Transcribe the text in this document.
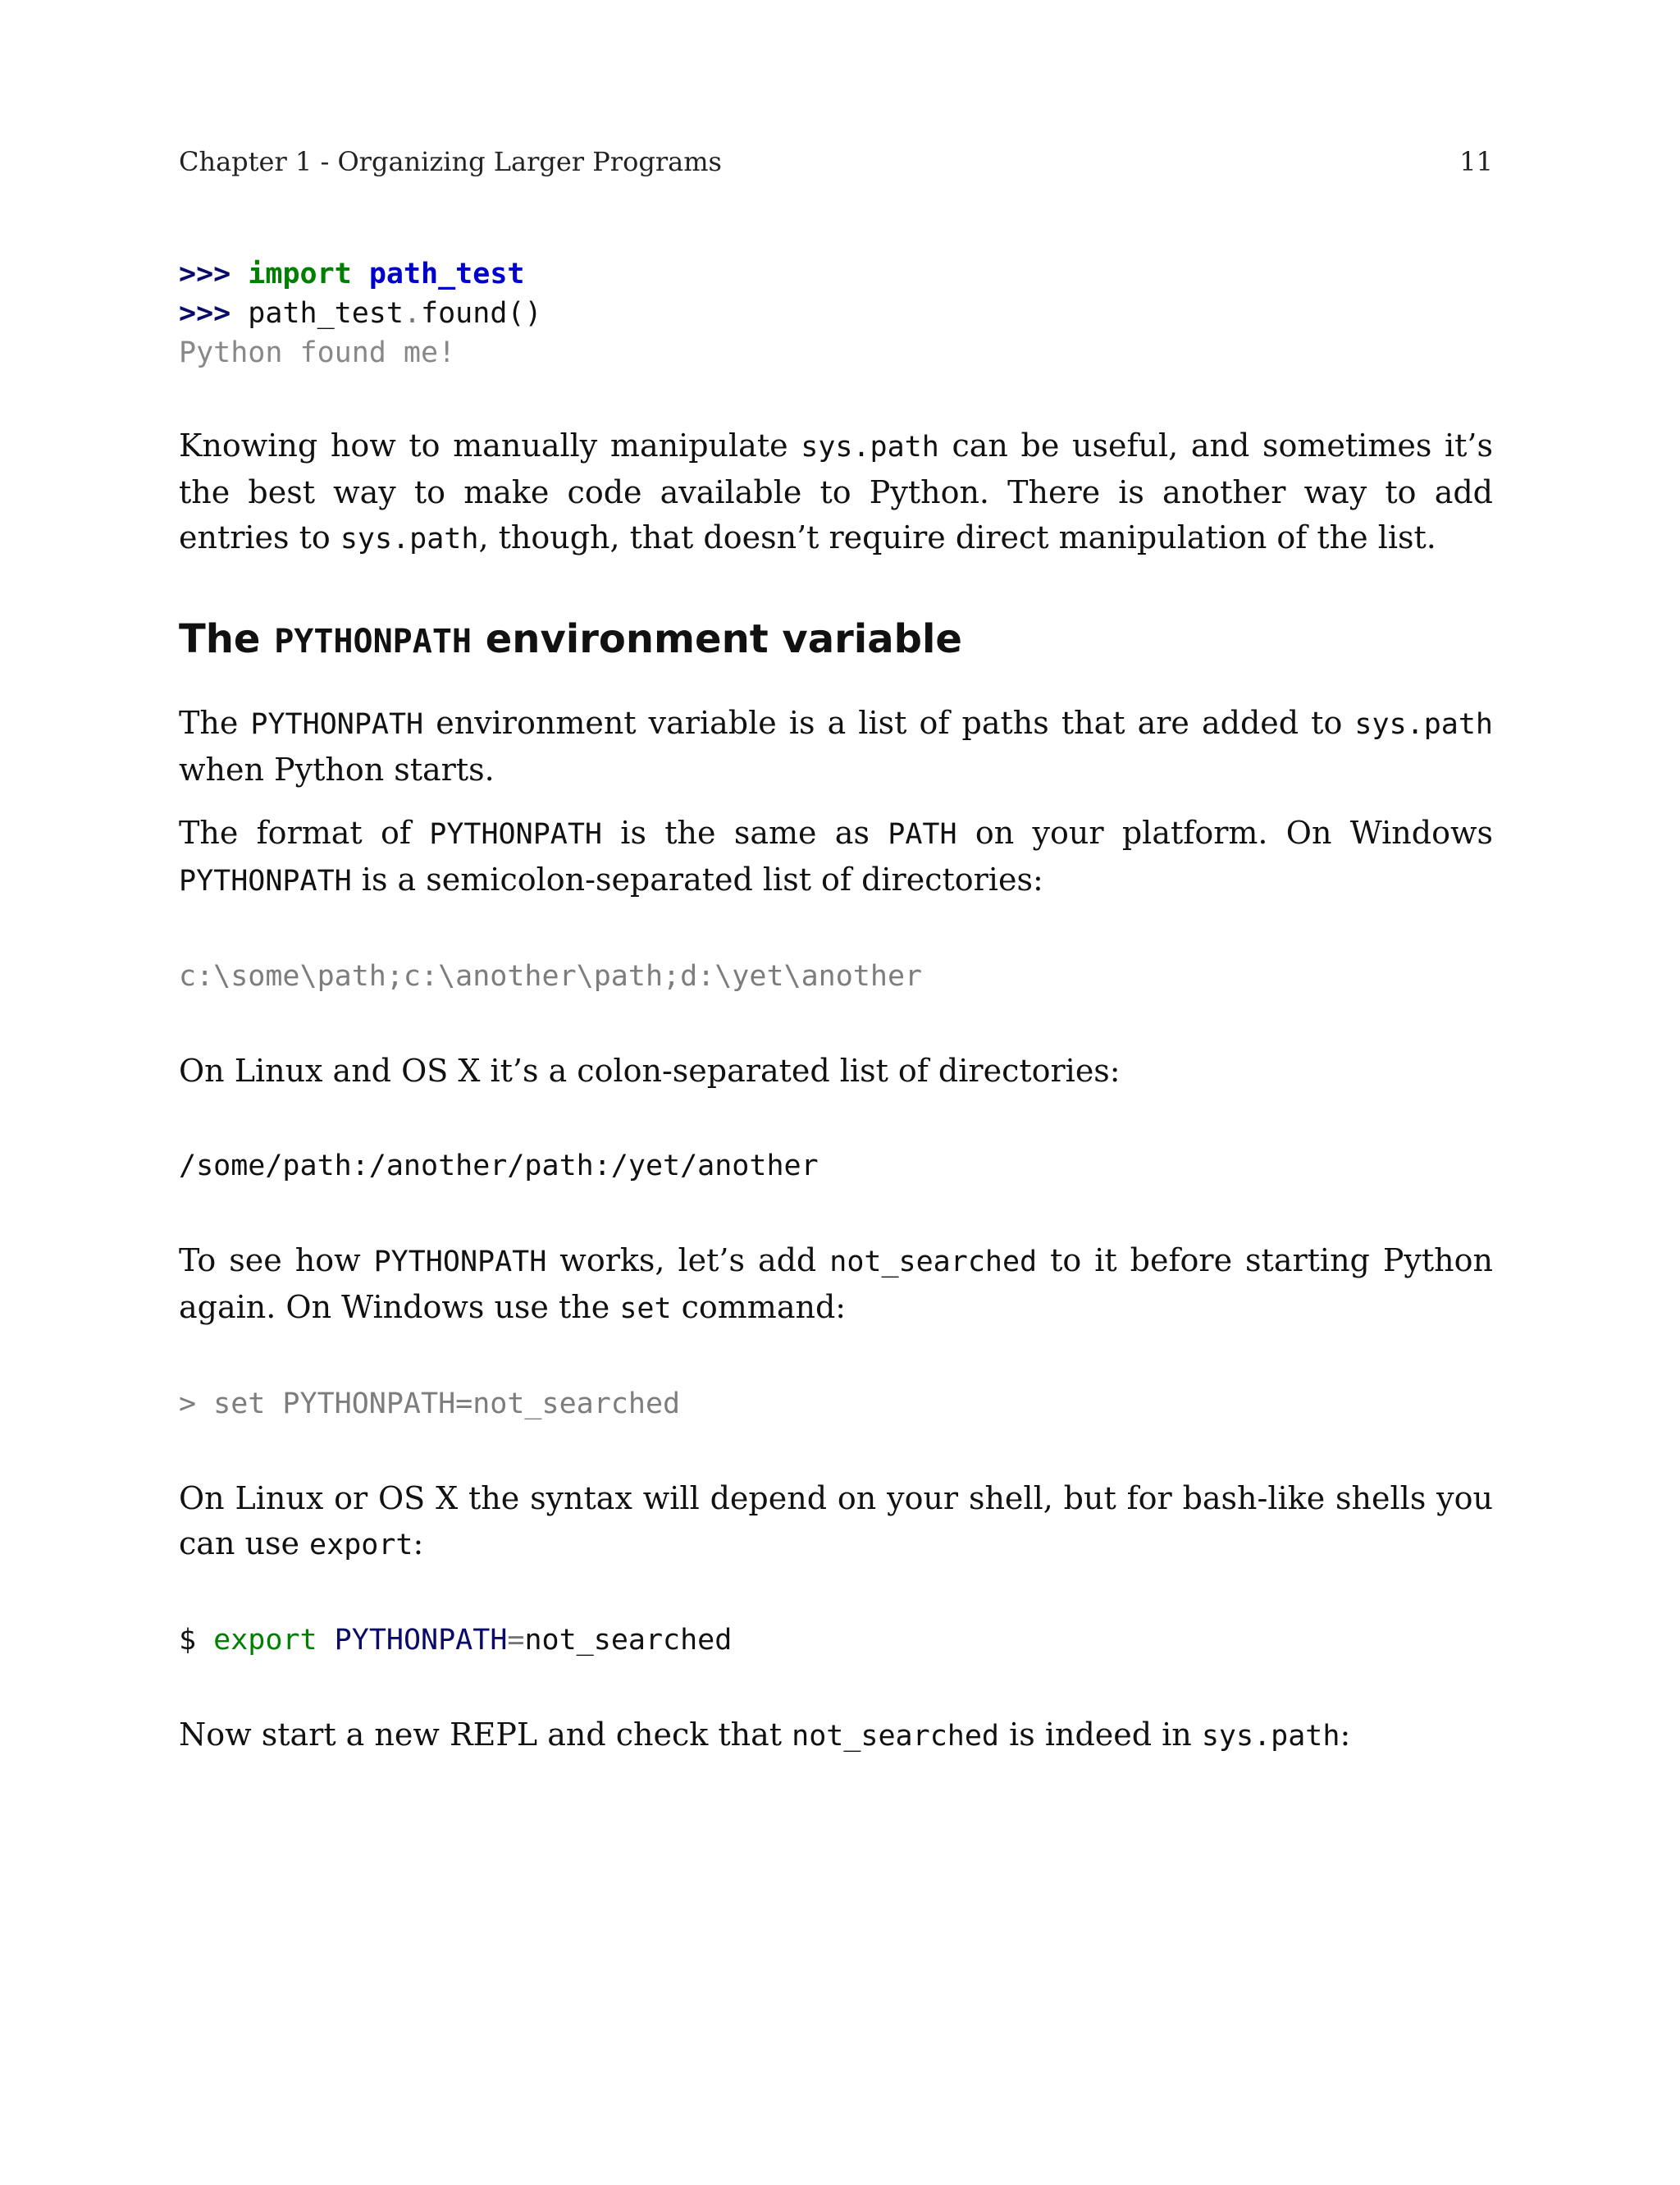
Chapter 1 - Organizing Larger Programs	11
>>> import path_test
>>> path_test.found()
Python found me!

Knowing how to manually manipulate sys.path can be useful, and sometimes it’s the best way to make code available to Python. There is another way to add entries to sys.path, though, that doesn’t require direct manipulation of the list.

The PYTHONPATH environment variable

The PYTHONPATH environment variable is a list of paths that are added to sys.path when Python starts.

The format of PYTHONPATH is the same as PATH on your platform. On Windows PYTHONPATH is a semicolon-separated list of directories:

c:\some\path;c:\another\path;d:\yet\another

On Linux and OS X it’s a colon-separated list of directories:

/some/path:/another/path:/yet/another

To see how PYTHONPATH works, let’s add not_searched to it before starting Python again. On Windows use the set command:

> set PYTHONPATH=not_searched

On Linux or OS X the syntax will depend on your shell, but for bash-like shells you can use export:

$ export PYTHONPATH=not_searched

Now start a new REPL and check that not_searched is indeed in sys.path:
